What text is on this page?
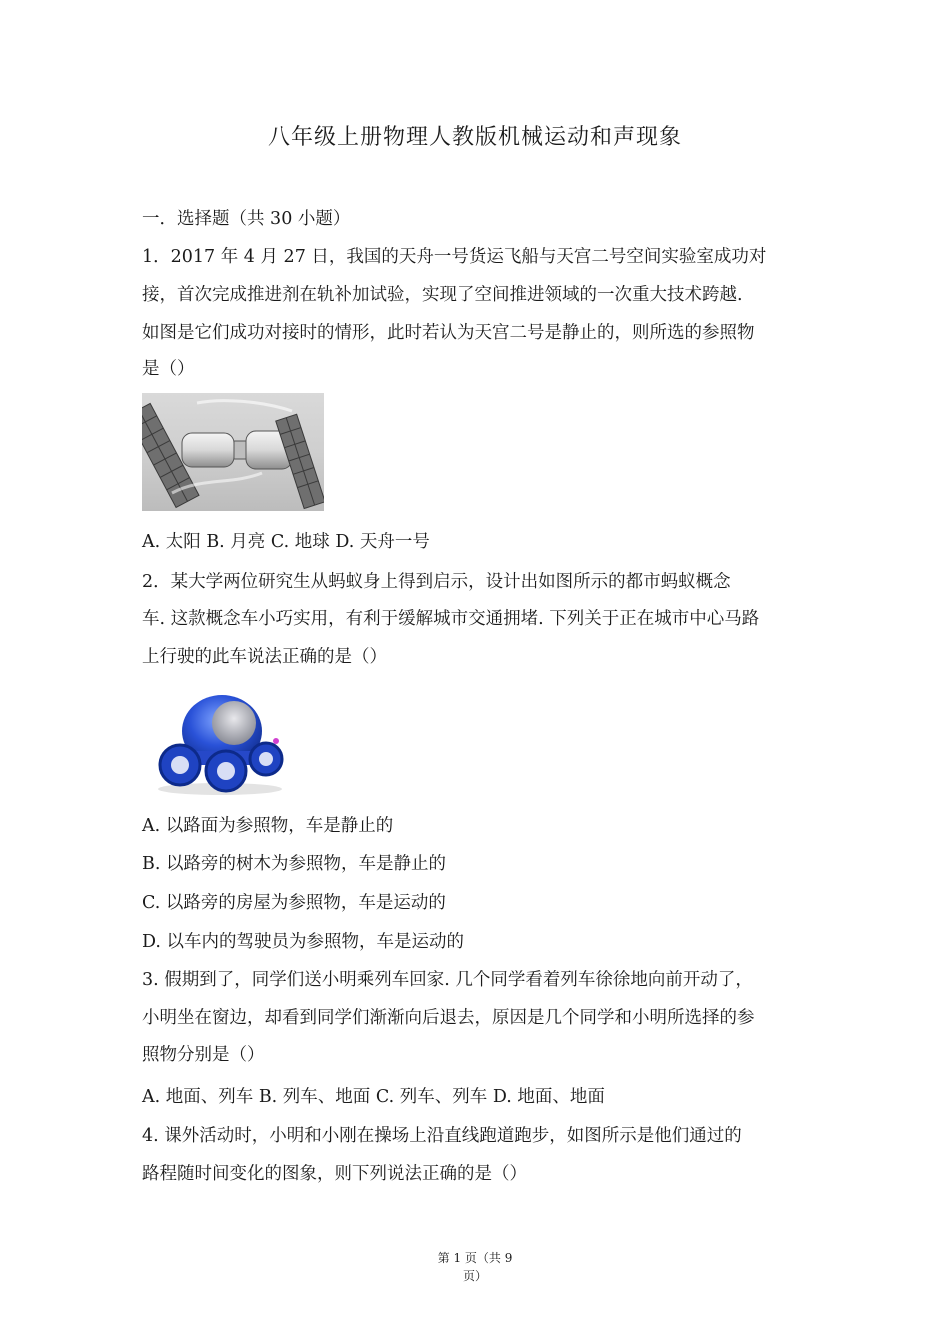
八年级上册物理人教版机械运动和声现象
一．选择题（共 30 小题）
1．2017 年 4 月 27 日，我国的天舟一号货运飞船与天宫二号空间实验室成功对
接，首次完成推进剂在轨补加试验，实现了空间推进领域的一次重大技术跨越.
如图是它们成功对接时的情形，此时若认为天宫二号是静止的，则所选的参照物
是（）
A. 太阳 B. 月亮 C. 地球 D. 天舟一号
2．某大学两位研究生从蚂蚁身上得到启示，设计出如图所示的都市蚂蚁概念
车. 这款概念车小巧实用，有利于缓解城市交通拥堵. 下列关于正在城市中心马路
上行驶的此车说法正确的是（）
A. 以路面为参照物，车是静止的
B. 以路旁的树木为参照物，车是静止的
C. 以路旁的房屋为参照物，车是运动的
D. 以车内的驾驶员为参照物，车是运动的
3. 假期到了，同学们送小明乘列车回家. 几个同学看着列车徐徐地向前开动了，
小明坐在窗边，却看到同学们渐渐向后退去，原因是几个同学和小明所选择的参
照物分别是（）
A. 地面、列车 B. 列车、地面 C. 列车、列车 D. 地面、地面
4. 课外活动时，小明和小刚在操场上沿直线跑道跑步，如图所示是他们通过的
路程随时间变化的图象，则下列说法正确的是（）
第 1 页（共 9
页）
